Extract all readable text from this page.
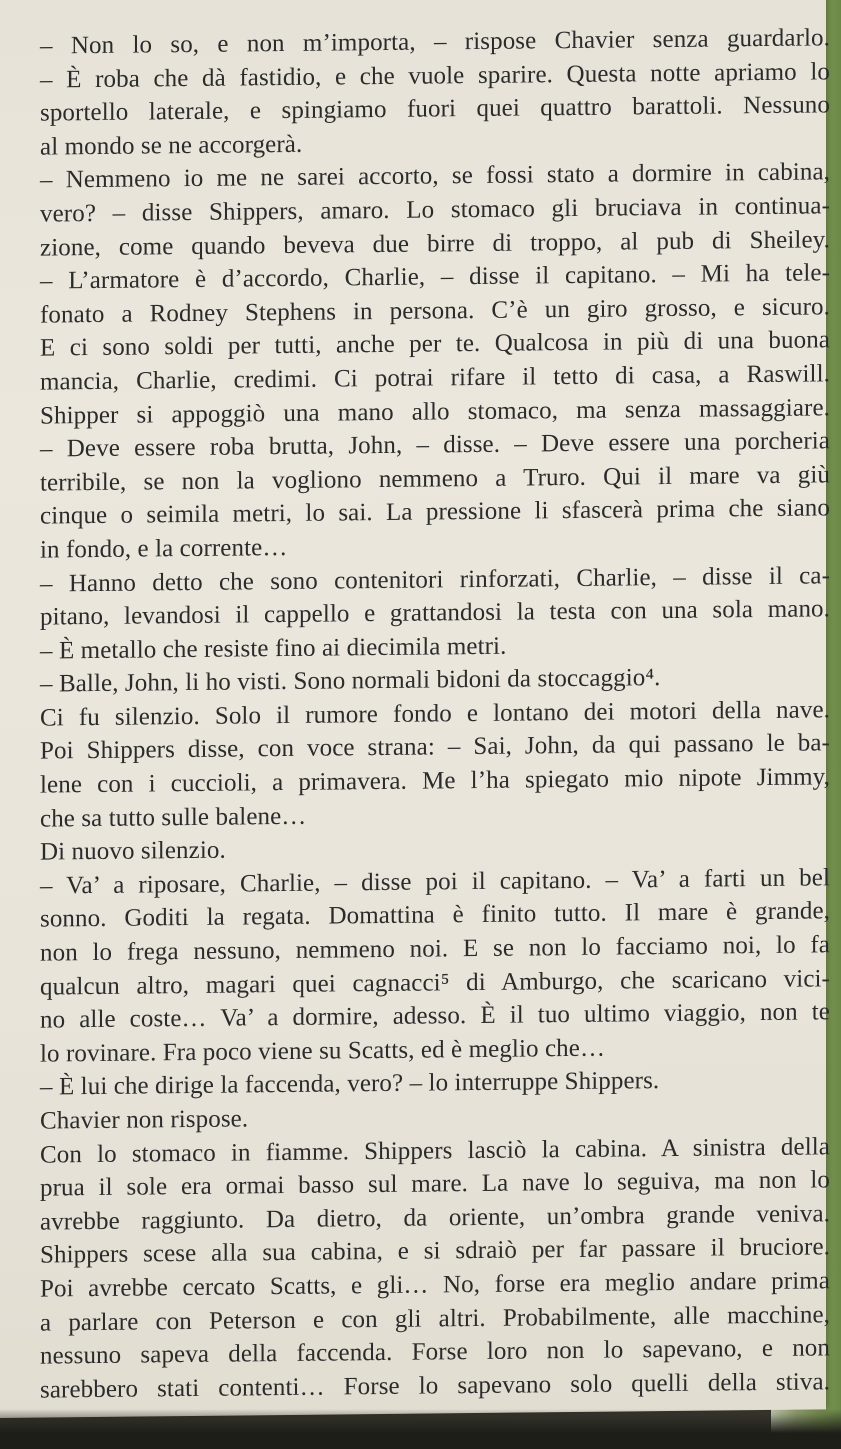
– Non lo so, e non m’importa, – rispose Chavier senza guardarlo.
– È roba che dà fastidio, e che vuole sparire. Questa notte apriamo lo
sportello laterale, e spingiamo fuori quei quattro barattoli. Nessuno
al mondo se ne accorgerà.
– Nemmeno io me ne sarei accorto, se fossi stato a dormire in cabina,
vero? – disse Shippers, amaro. Lo stomaco gli bruciava in continua-
zione, come quando beveva due birre di troppo, al pub di Sheiley.
– L’armatore è d’accordo, Charlie, – disse il capitano. – Mi ha tele-
fonato a Rodney Stephens in persona. C’è un giro grosso, e sicuro.
E ci sono soldi per tutti, anche per te. Qualcosa in più di una buona
mancia, Charlie, credimi. Ci potrai rifare il tetto di casa, a Raswill.
Shipper si appoggiò una mano allo stomaco, ma senza massaggiare.
– Deve essere roba brutta, John, – disse. – Deve essere una porcheria
terribile, se non la vogliono nemmeno a Truro. Qui il mare va giù
cinque o seimila metri, lo sai. La pressione li sfascerà prima che siano
in fondo, e la corrente…
– Hanno detto che sono contenitori rinforzati, Charlie, – disse il ca-
pitano, levandosi il cappello e grattandosi la testa con una sola mano.
– È metallo che resiste fino ai diecimila metri.
– Balle, John, li ho visti. Sono normali bidoni da stoccaggio⁴.
Ci fu silenzio. Solo il rumore fondo e lontano dei motori della nave.
Poi Shippers disse, con voce strana: – Sai, John, da qui passano le ba-
lene con i cuccioli, a primavera. Me l’ha spiegato mio nipote Jimmy,
che sa tutto sulle balene…
Di nuovo silenzio.
– Va’ a riposare, Charlie, – disse poi il capitano. – Va’ a farti un bel
sonno. Goditi la regata. Domattina è finito tutto. Il mare è grande,
non lo frega nessuno, nemmeno noi. E se non lo facciamo noi, lo fa
qualcun altro, magari quei cagnacci⁵ di Amburgo, che scaricano vici-
no alle coste… Va’ a dormire, adesso. È il tuo ultimo viaggio, non te
lo rovinare. Fra poco viene su Scatts, ed è meglio che…
– È lui che dirige la faccenda, vero? – lo interruppe Shippers.
Chavier non rispose.
Con lo stomaco in fiamme. Shippers lasciò la cabina. A sinistra della
prua il sole era ormai basso sul mare. La nave lo seguiva, ma non lo
avrebbe raggiunto. Da dietro, da oriente, un’ombra grande veniva.
Shippers scese alla sua cabina, e si sdraiò per far passare il bruciore.
Poi avrebbe cercato Scatts, e gli… No, forse era meglio andare prima
a parlare con Peterson e con gli altri. Probabilmente, alle macchine,
nessuno sapeva della faccenda. Forse loro non lo sapevano, e non
sarebbero stati contenti… Forse lo sapevano solo quelli della stiva.
